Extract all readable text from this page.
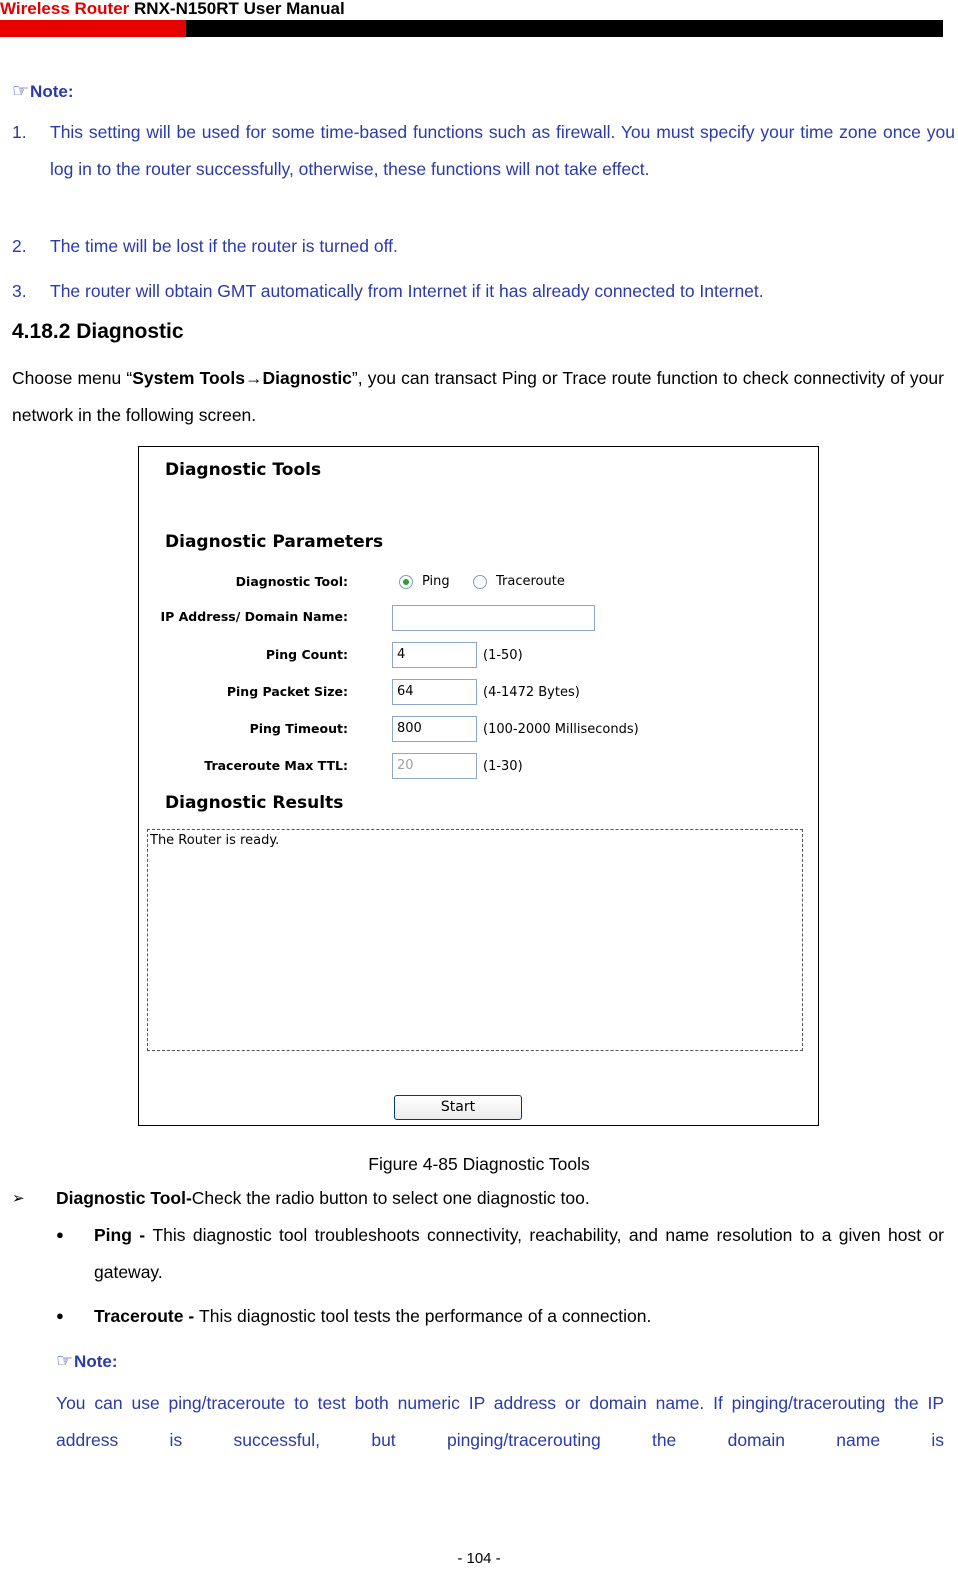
Wireless Router RNX-N150RT User Manual
☞Note:
1.	This setting will be used for some time-based functions such as firewall. You must specify your time zone once you log in to the router successfully, otherwise, these functions will not take effect.
2.	The time will be lost if the router is turned off.
3.	The router will obtain GMT automatically from Internet if it has already connected to Internet.
4.18.2 Diagnostic
Choose menu “System Tools→Diagnostic”, you can transact Ping or Trace route function to check connectivity of your network in the following screen.
Diagnostic Tools
Diagnostic Parameters
Diagnostic Tool:	Ping	Traceroute
IP Address/ Domain Name:
Ping Count:	4	(1-50)
Ping Packet Size:	64	(4-1472 Bytes)
Ping Timeout:	800	(100-2000 Milliseconds)
Traceroute Max TTL:	20	(1-30)
Diagnostic Results
The Router is ready.
Start
Figure 4-85 Diagnostic Tools
➢ Diagnostic Tool-Check the radio button to select one diagnostic too.
● Ping - This diagnostic tool troubleshoots connectivity, reachability, and name resolution to a given host or gateway.
● Traceroute - This diagnostic tool tests the performance of a connection.
☞Note:
You can use ping/traceroute to test both numeric IP address or domain name. If pinging/tracerouting the IP address is successful, but pinging/tracerouting the domain name is
- 104 -
